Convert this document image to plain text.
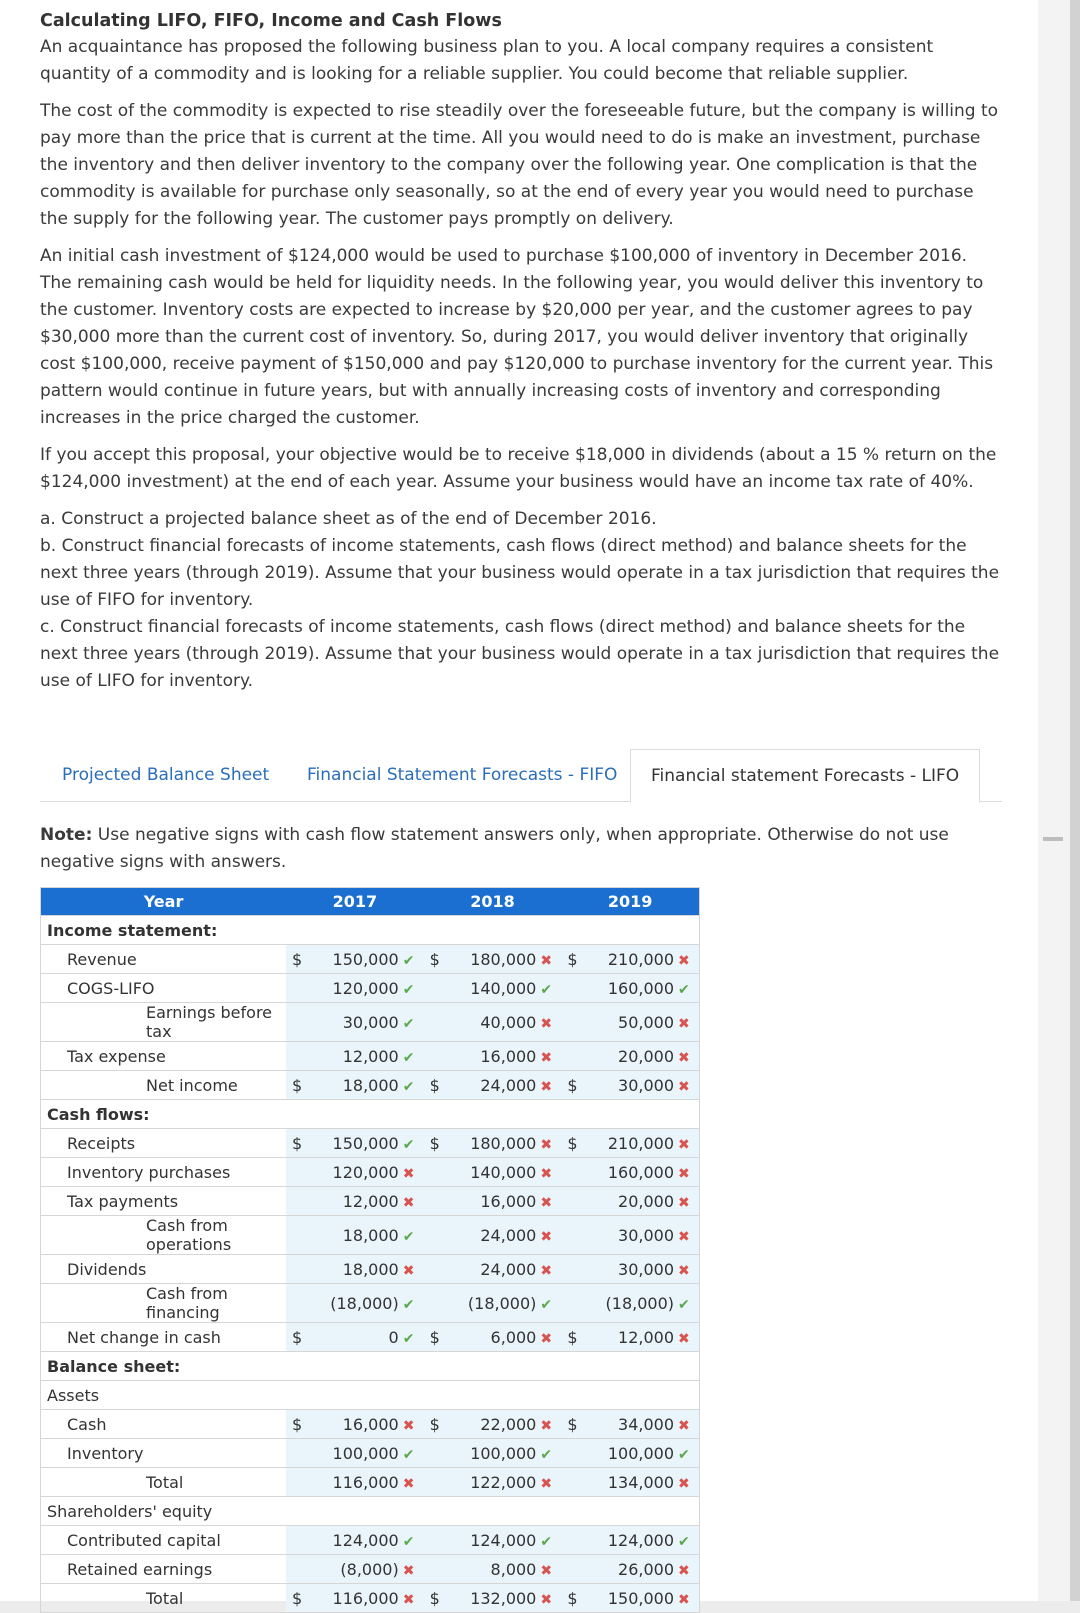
Calculating LIFO, FIFO, Income and Cash Flows

An acquaintance has proposed the following business plan to you. A local company requires a consistent quantity of a commodity and is looking for a reliable supplier. You could become that reliable supplier.

The cost of the commodity is expected to rise steadily over the foreseeable future, but the company is willing to pay more than the price that is current at the time. All you would need to do is make an investment, purchase the inventory and then deliver inventory to the company over the following year. One complication is that the commodity is available for purchase only seasonally, so at the end of every year you would need to purchase the supply for the following year. The customer pays promptly on delivery.

An initial cash investment of $124,000 would be used to purchase $100,000 of inventory in December 2016. The remaining cash would be held for liquidity needs. In the following year, you would deliver this inventory to the customer. Inventory costs are expected to increase by $20,000 per year, and the customer agrees to pay $30,000 more than the current cost of inventory. So, during 2017, you would deliver inventory that originally cost $100,000, receive payment of $150,000 and pay $120,000 to purchase inventory for the current year. This pattern would continue in future years, but with annually increasing costs of inventory and corresponding increases in the price charged the customer.

If you accept this proposal, your objective would be to receive $18,000 in dividends (about a 15 % return on the $124,000 investment) at the end of each year. Assume your business would have an income tax rate of 40%.

a. Construct a projected balance sheet as of the end of December 2016.

b. Construct financial forecasts of income statements, cash flows (direct method) and balance sheets for the next three years (through 2019). Assume that your business would operate in a tax jurisdiction that requires the use of FIFO for inventory.

c. Construct financial forecasts of income statements, cash flows (direct method) and balance sheets for the next three years (through 2019). Assume that your business would operate in a tax jurisdiction that requires the use of LIFO for inventory.

Projected Balance Sheet Financial Statement Forecasts - FIFO	Financial statement Forecasts - LIFO
Note: Use negative signs with cash flow statement answers only, when appropriate. Otherwise do not use negative signs with answers.
Year	2017			2018			2019		
Income statement:									
Revenue	$	150,000	✔	$	180,000	✖	$	210,000	✖
COGS-LIFO		120,000	✔		140,000	✔		160,000	✔
Earnings before tax		30,000	✔		40,000	✖		50,000	✖
Tax expense		12,000	✔		16,000	✖		20,000	✖
Net income	$	18,000	✔	$	24,000	✖	$	30,000	✖
Cash flows:									
Receipts	$	150,000	✔	$	180,000	✖	$	210,000	✖
Inventory purchases		120,000	✖		140,000	✖		160,000	✖
Tax payments		12,000	✖		16,000	✖		20,000	✖
Cash from operations		18,000	✔		24,000	✖		30,000	✖
Dividends		18,000	✖		24,000	✖		30,000	✖
Cash from financing		(18,000)	✔		(18,000)	✔		(18,000)	✔
Net change in cash	$	0	✔	$	6,000	✖	$	12,000	✖
Balance sheet:									
Assets									
Cash	$	16,000	✖	$	22,000	✖	$	34,000	✖
Inventory		100,000	✔		100,000	✔		100,000	✔
Total		116,000	✖		122,000	✖		134,000	✖
Shareholders' equity									
Contributed capital		124,000	✔		124,000	✔		124,000	✔
Retained earnings		(8,000)	✖		8,000	✖		26,000	✖
Total	$	116,000	✖	$	132,000	✖	$	150,000	✖
